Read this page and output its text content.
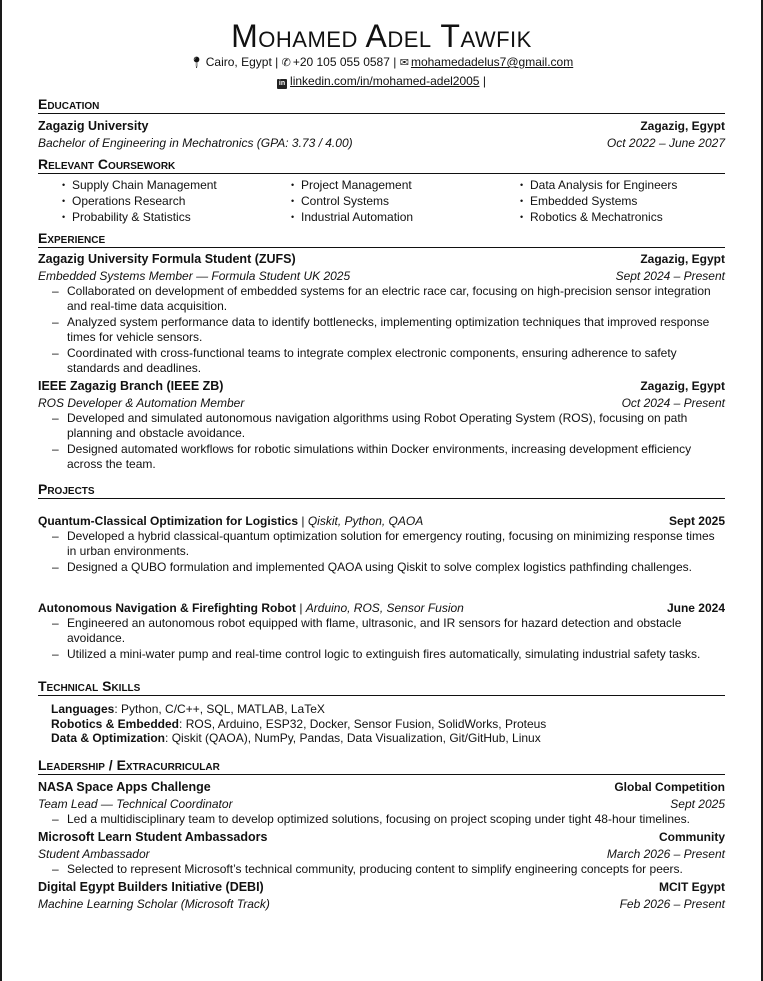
Mohamed Adel Tawfik
📍︎ Cairo, Egypt | ✆ +20 105 055 0587 | ✉ mohamedadelus7@gmail.com
in linkedin.com/in/mohamed-adel2005 |
Education
Zagazig University	Zagazig, Egypt
Bachelor of Engineering in Mechatronics (GPA: 3.73 / 4.00)	Oct 2022 – June 2027
Relevant Coursework
• Supply Chain Management	• Project Management	• Data Analysis for Engineers
• Operations Research	• Control Systems	• Embedded Systems
• Probability & Statistics	• Industrial Automation	• Robotics & Mechatronics
Experience
Zagazig University Formula Student (ZUFS)	Zagazig, Egypt
Embedded Systems Member — Formula Student UK 2025	Sept 2024 – Present
– Collaborated on development of embedded systems for an electric race car, focusing on high-precision sensor integration and real-time data acquisition.
– Analyzed system performance data to identify bottlenecks, implementing optimization techniques that improved response times for vehicle sensors.
– Coordinated with cross-functional teams to integrate complex electronic components, ensuring adherence to safety standards and deadlines.
IEEE Zagazig Branch (IEEE ZB)	Zagazig, Egypt
ROS Developer & Automation Member	Oct 2024 – Present
– Developed and simulated autonomous navigation algorithms using Robot Operating System (ROS), focusing on path planning and obstacle avoidance.
– Designed automated workflows for robotic simulations within Docker environments, increasing development efficiency across the team.
Projects
Quantum-Classical Optimization for Logistics | Qiskit, Python, QAOA	Sept 2025
– Developed a hybrid classical-quantum optimization solution for emergency routing, focusing on minimizing response times in urban environments.
– Designed a QUBO formulation and implemented QAOA using Qiskit to solve complex logistics pathfinding challenges.
Autonomous Navigation & Firefighting Robot | Arduino, ROS, Sensor Fusion	June 2024
– Engineered an autonomous robot equipped with flame, ultrasonic, and IR sensors for hazard detection and obstacle avoidance.
– Utilized a mini-water pump and real-time control logic to extinguish fires automatically, simulating industrial safety tasks.
Technical Skills
Languages: Python, C/C++, SQL, MATLAB, LaTeX
Robotics & Embedded: ROS, Arduino, ESP32, Docker, Sensor Fusion, SolidWorks, Proteus
Data & Optimization: Qiskit (QAOA), NumPy, Pandas, Data Visualization, Git/GitHub, Linux
Leadership / Extracurricular
NASA Space Apps Challenge	Global Competition
Team Lead — Technical Coordinator	Sept 2025
– Led a multidisciplinary team to develop optimized solutions, focusing on project scoping under tight 48-hour timelines.
Microsoft Learn Student Ambassadors	Community
Student Ambassador	March 2026 – Present
– Selected to represent Microsoft’s technical community, producing content to simplify engineering concepts for peers.
Digital Egypt Builders Initiative (DEBI)	MCIT Egypt
Machine Learning Scholar (Microsoft Track)	Feb 2026 – Present
